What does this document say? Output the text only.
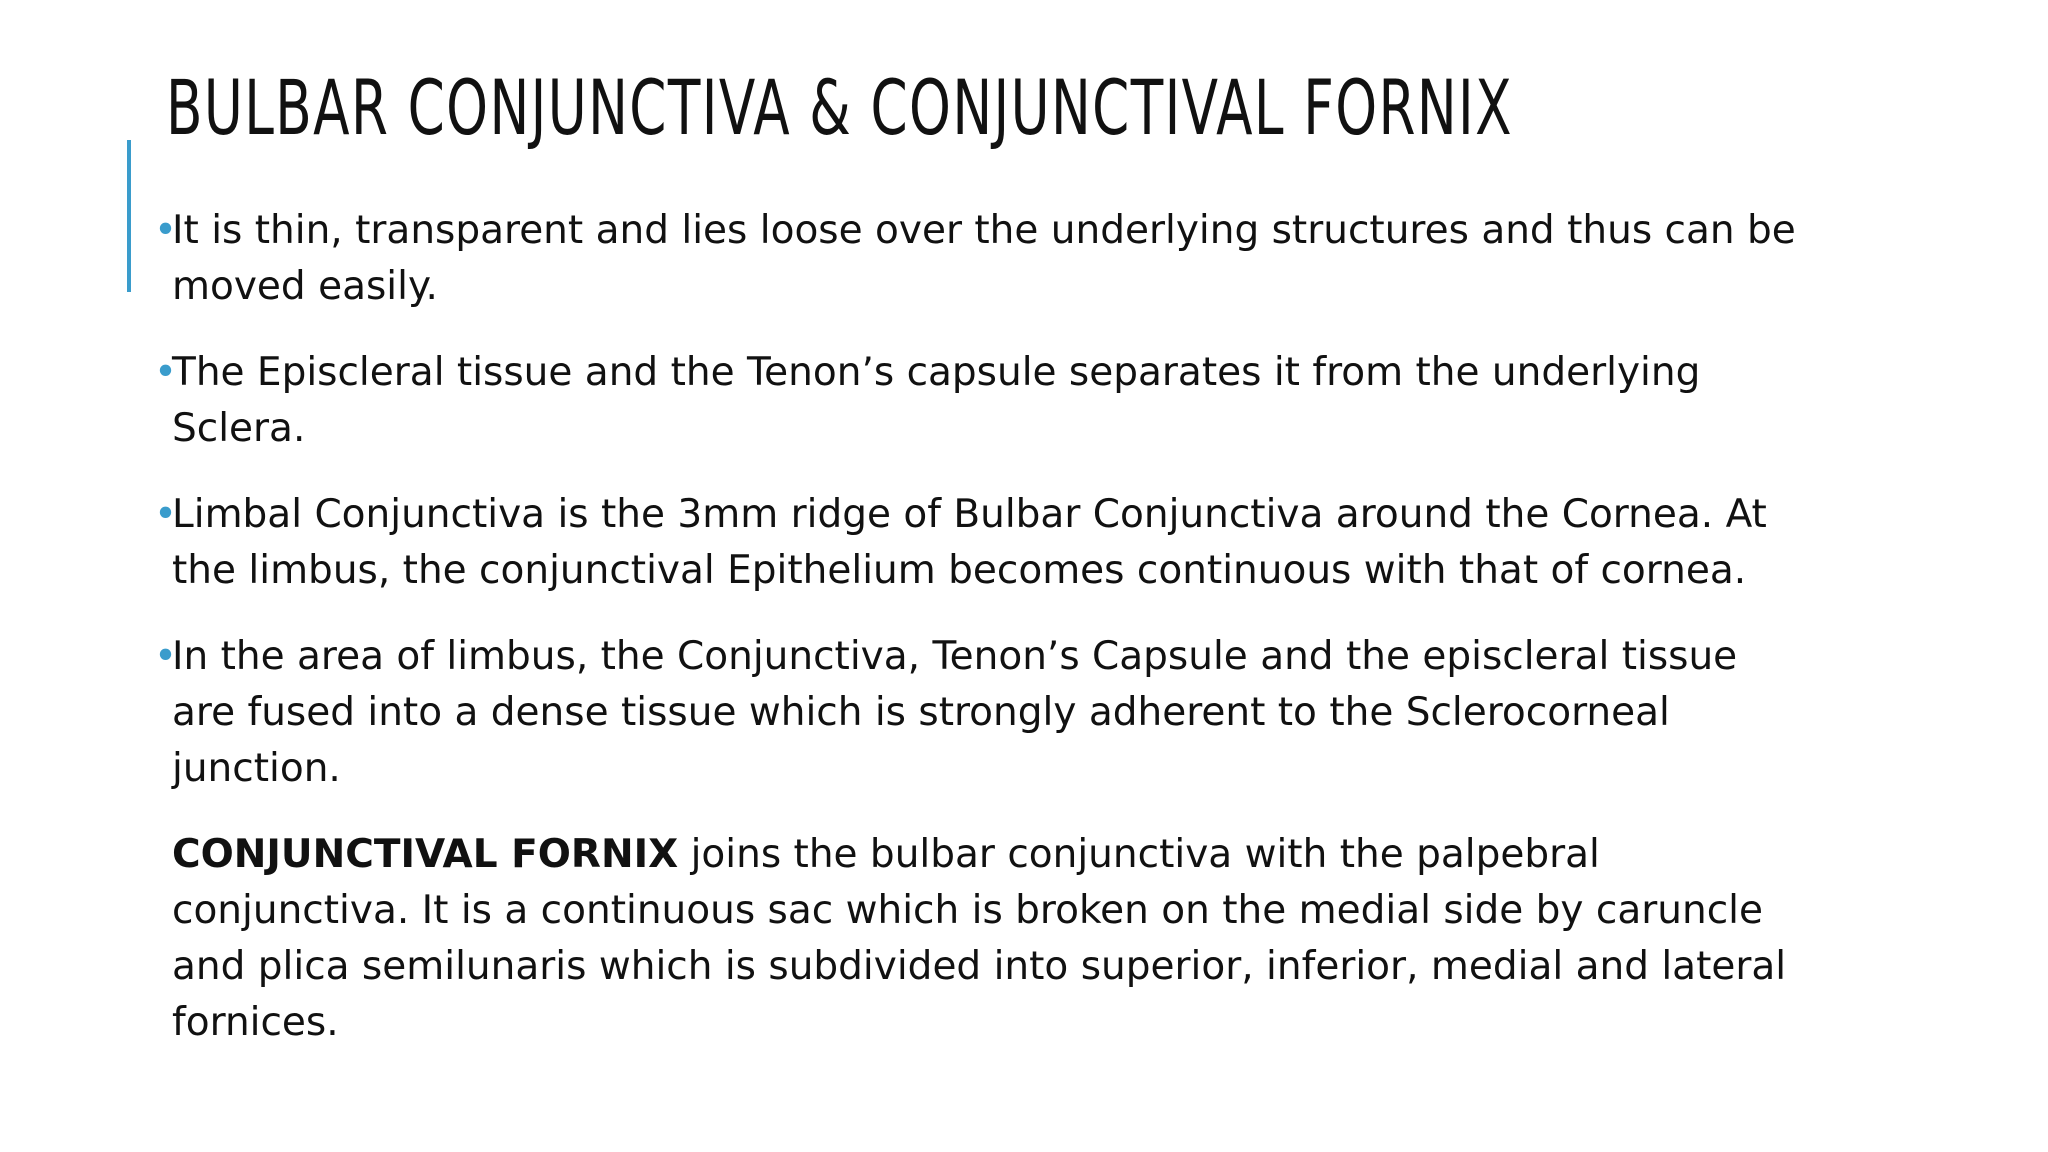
BULBAR CONJUNCTIVA & CONJUNCTIVAL FORNIX

•
It is thin, transparent and lies loose over the underlying structures and thus can be moved easily.

•
The Episcleral tissue and the Tenon’s capsule separates it from the underlying Sclera.

•
Limbal Conjunctiva is the 3mm ridge of Bulbar Conjunctiva around the Cornea. At the limbus, the conjunctival Epithelium becomes continuous with that of cornea.

•
In the area of limbus, the Conjunctiva, Tenon’s Capsule and the episcleral tissue are fused into a dense tissue which is strongly adherent to the Sclerocorneal junction.

CONJUNCTIVAL FORNIX joins the bulbar conjunctiva with the palpebral conjunctiva. It is a continuous sac which is broken on the medial side by caruncle and plica semilunaris which is subdivided into superior, inferior, medial and lateral fornices.
